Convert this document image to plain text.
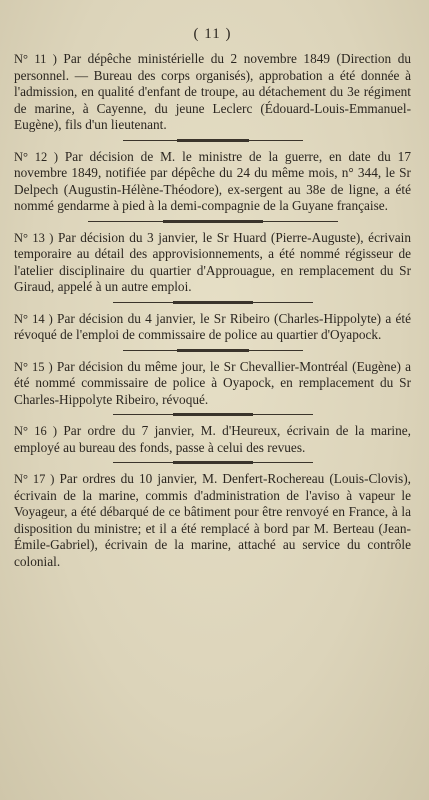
( 11 )

N° 11 ) Par dépêche ministérielle du 2 novembre 1849 (Direction du personnel. — Bureau des corps organisés), approbation a été donnée à l'admission, en qualité d'enfant de troupe, au détachement du 3e régiment de marine, à Cayenne, du jeune Leclerc (Édouard-Louis-Emmanuel-Eugène), fils d'un lieutenant.

N° 12 ) Par décision de M. le ministre de la guerre, en date du 17 novembre 1849, notifiée par dépêche du 24 du même mois, n° 344, le Sr Delpech (Augustin-Hélène-Théodore), ex-sergent au 38e de ligne, a été nommé gendarme à pied à la demi-compagnie de la Guyane française.

N° 13 ) Par décision du 3 janvier, le Sr Huard (Pierre-Auguste), écrivain temporaire au détail des approvisionnements, a été nommé régisseur de l'atelier disciplinaire du quartier d'Approuague, en remplacement du Sr Giraud, appelé à un autre emploi.

N° 14 ) Par décision du 4 janvier, le Sr Ribeiro (Charles-Hippolyte) a été révoqué de l'emploi de commissaire de police au quartier d'Oyapock.

N° 15 ) Par décision du même jour, le Sr Chevallier-Montréal (Eugène) a été nommé commissaire de police à Oyapock, en remplacement du Sr Charles-Hippolyte Ribeiro, révoqué.

N° 16 ) Par ordre du 7 janvier, M. d'Heureux, écrivain de la marine, employé au bureau des fonds, passe à celui des revues.

N° 17 ) Par ordres du 10 janvier, M. Denfert-Rochereau (Louis-Clovis), écrivain de la marine, commis d'administration de l'aviso à vapeur le Voyageur, a été débarqué de ce bâtiment pour être renvoyé en France, à la disposition du ministre; et il a été remplacé à bord par M. Berteau (Jean-Émile-Gabriel), écrivain de la marine, attaché au service du contrôle colonial.
